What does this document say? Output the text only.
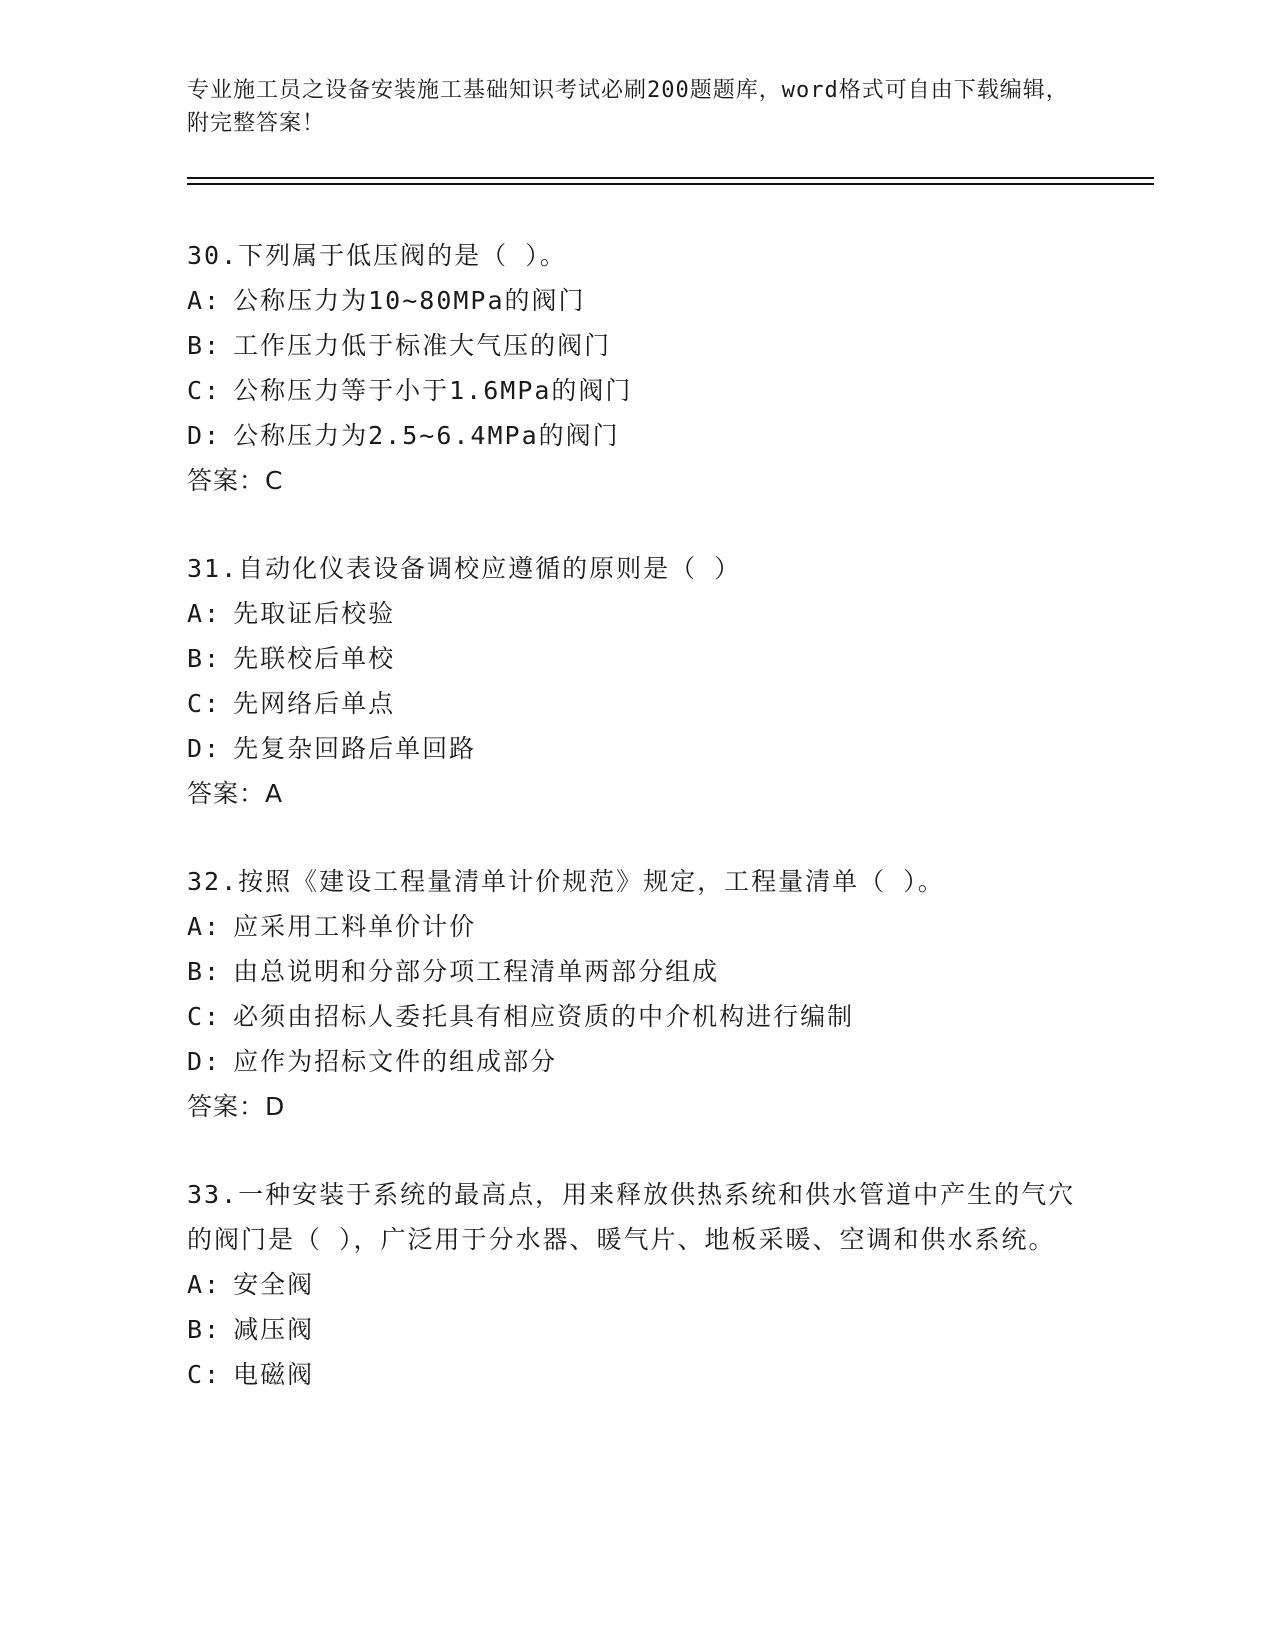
专业施工员之设备安装施工基础知识考试必刷200题题库，word格式可自由下载编辑，附完整答案！
30.下列属于低压阀的是（ ）。
A: 公称压力为10~80MPa的阀门
B: 工作压力低于标准大气压的阀门
C: 公称压力等于小于1.6MPa的阀门
D: 公称压力为2.5~6.4MPa的阀门
答案：C
31.自动化仪表设备调校应遵循的原则是（ ）
A: 先取证后校验
B: 先联校后单校
C: 先网络后单点
D: 先复杂回路后单回路
答案：A
32.按照《建设工程量清单计价规范》规定，工程量清单（ ）。
A: 应采用工料单价计价
B: 由总说明和分部分项工程清单两部分组成
C: 必须由招标人委托具有相应资质的中介机构进行编制
D: 应作为招标文件的组成部分
答案：D
33.一种安装于系统的最高点，用来释放供热系统和供水管道中产生的气穴的阀门是（ ），广泛用于分水器、暖气片、地板采暖、空调和供水系统。
A: 安全阀
B: 减压阀
C: 电磁阀
